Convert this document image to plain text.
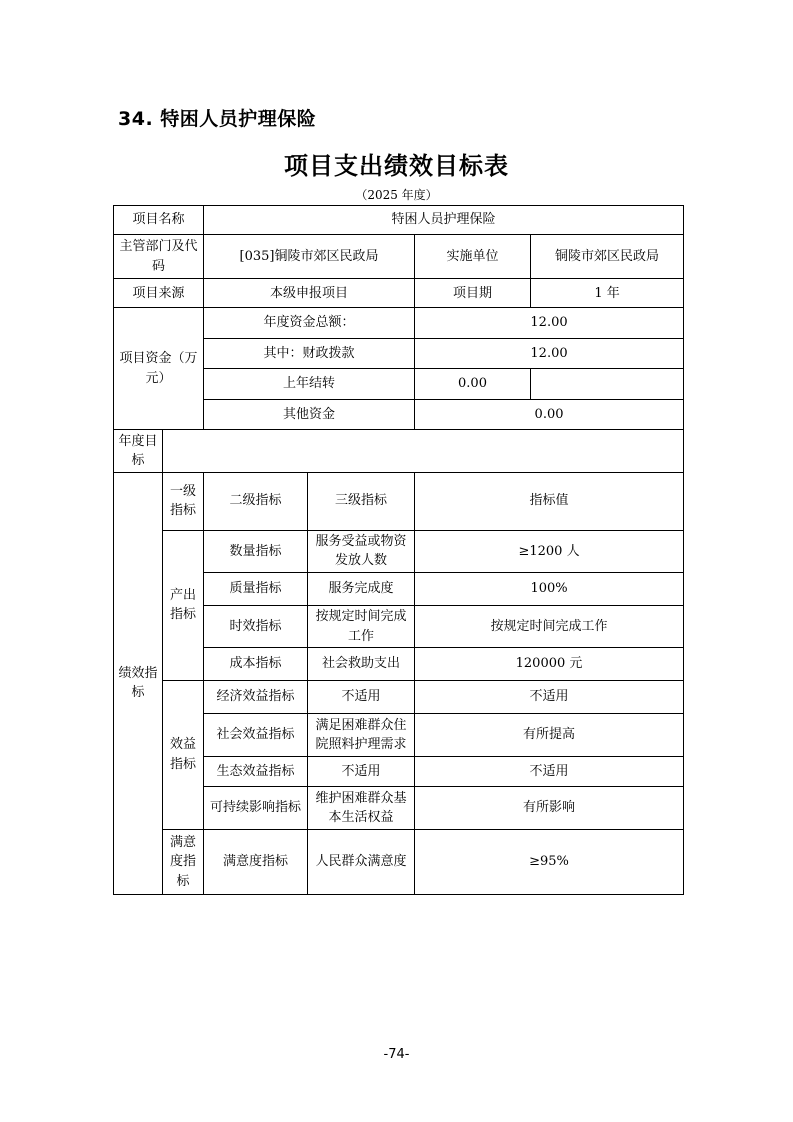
34. 特困人员护理保险
项目支出绩效目标表
（2025 年度）
项目名称		特困人员护理保险			
主管部门及代码		[035]铜陵市郊区民政局		实施单位	铜陵市郊区民政局
项目来源		本级申报项目		项目期	1 年
项目资金（万元）		年度资金总额：		12.00	
		其中：财政拨款		12.00	
		上年结转		0.00	
		其他资金		0.00	
年度目标					
绩效指标	一级指标	二级指标	三级指标	指标值	
	产出指标	数量指标	服务受益或物资发放人数	≥1200 人	
		质量指标	服务完成度	100%	
		时效指标	按规定时间完成工作	按规定时间完成工作	
		成本指标	社会救助支出	120000 元	
	效益指标	经济效益指标	不适用	不适用	
		社会效益指标	满足困难群众住院照料护理需求	有所提高	
		生态效益指标	不适用	不适用	
		可持续影响指标	维护困难群众基本生活权益	有所影响	
	满意度指标	满意度指标	人民群众满意度	≥95%	
-74-
